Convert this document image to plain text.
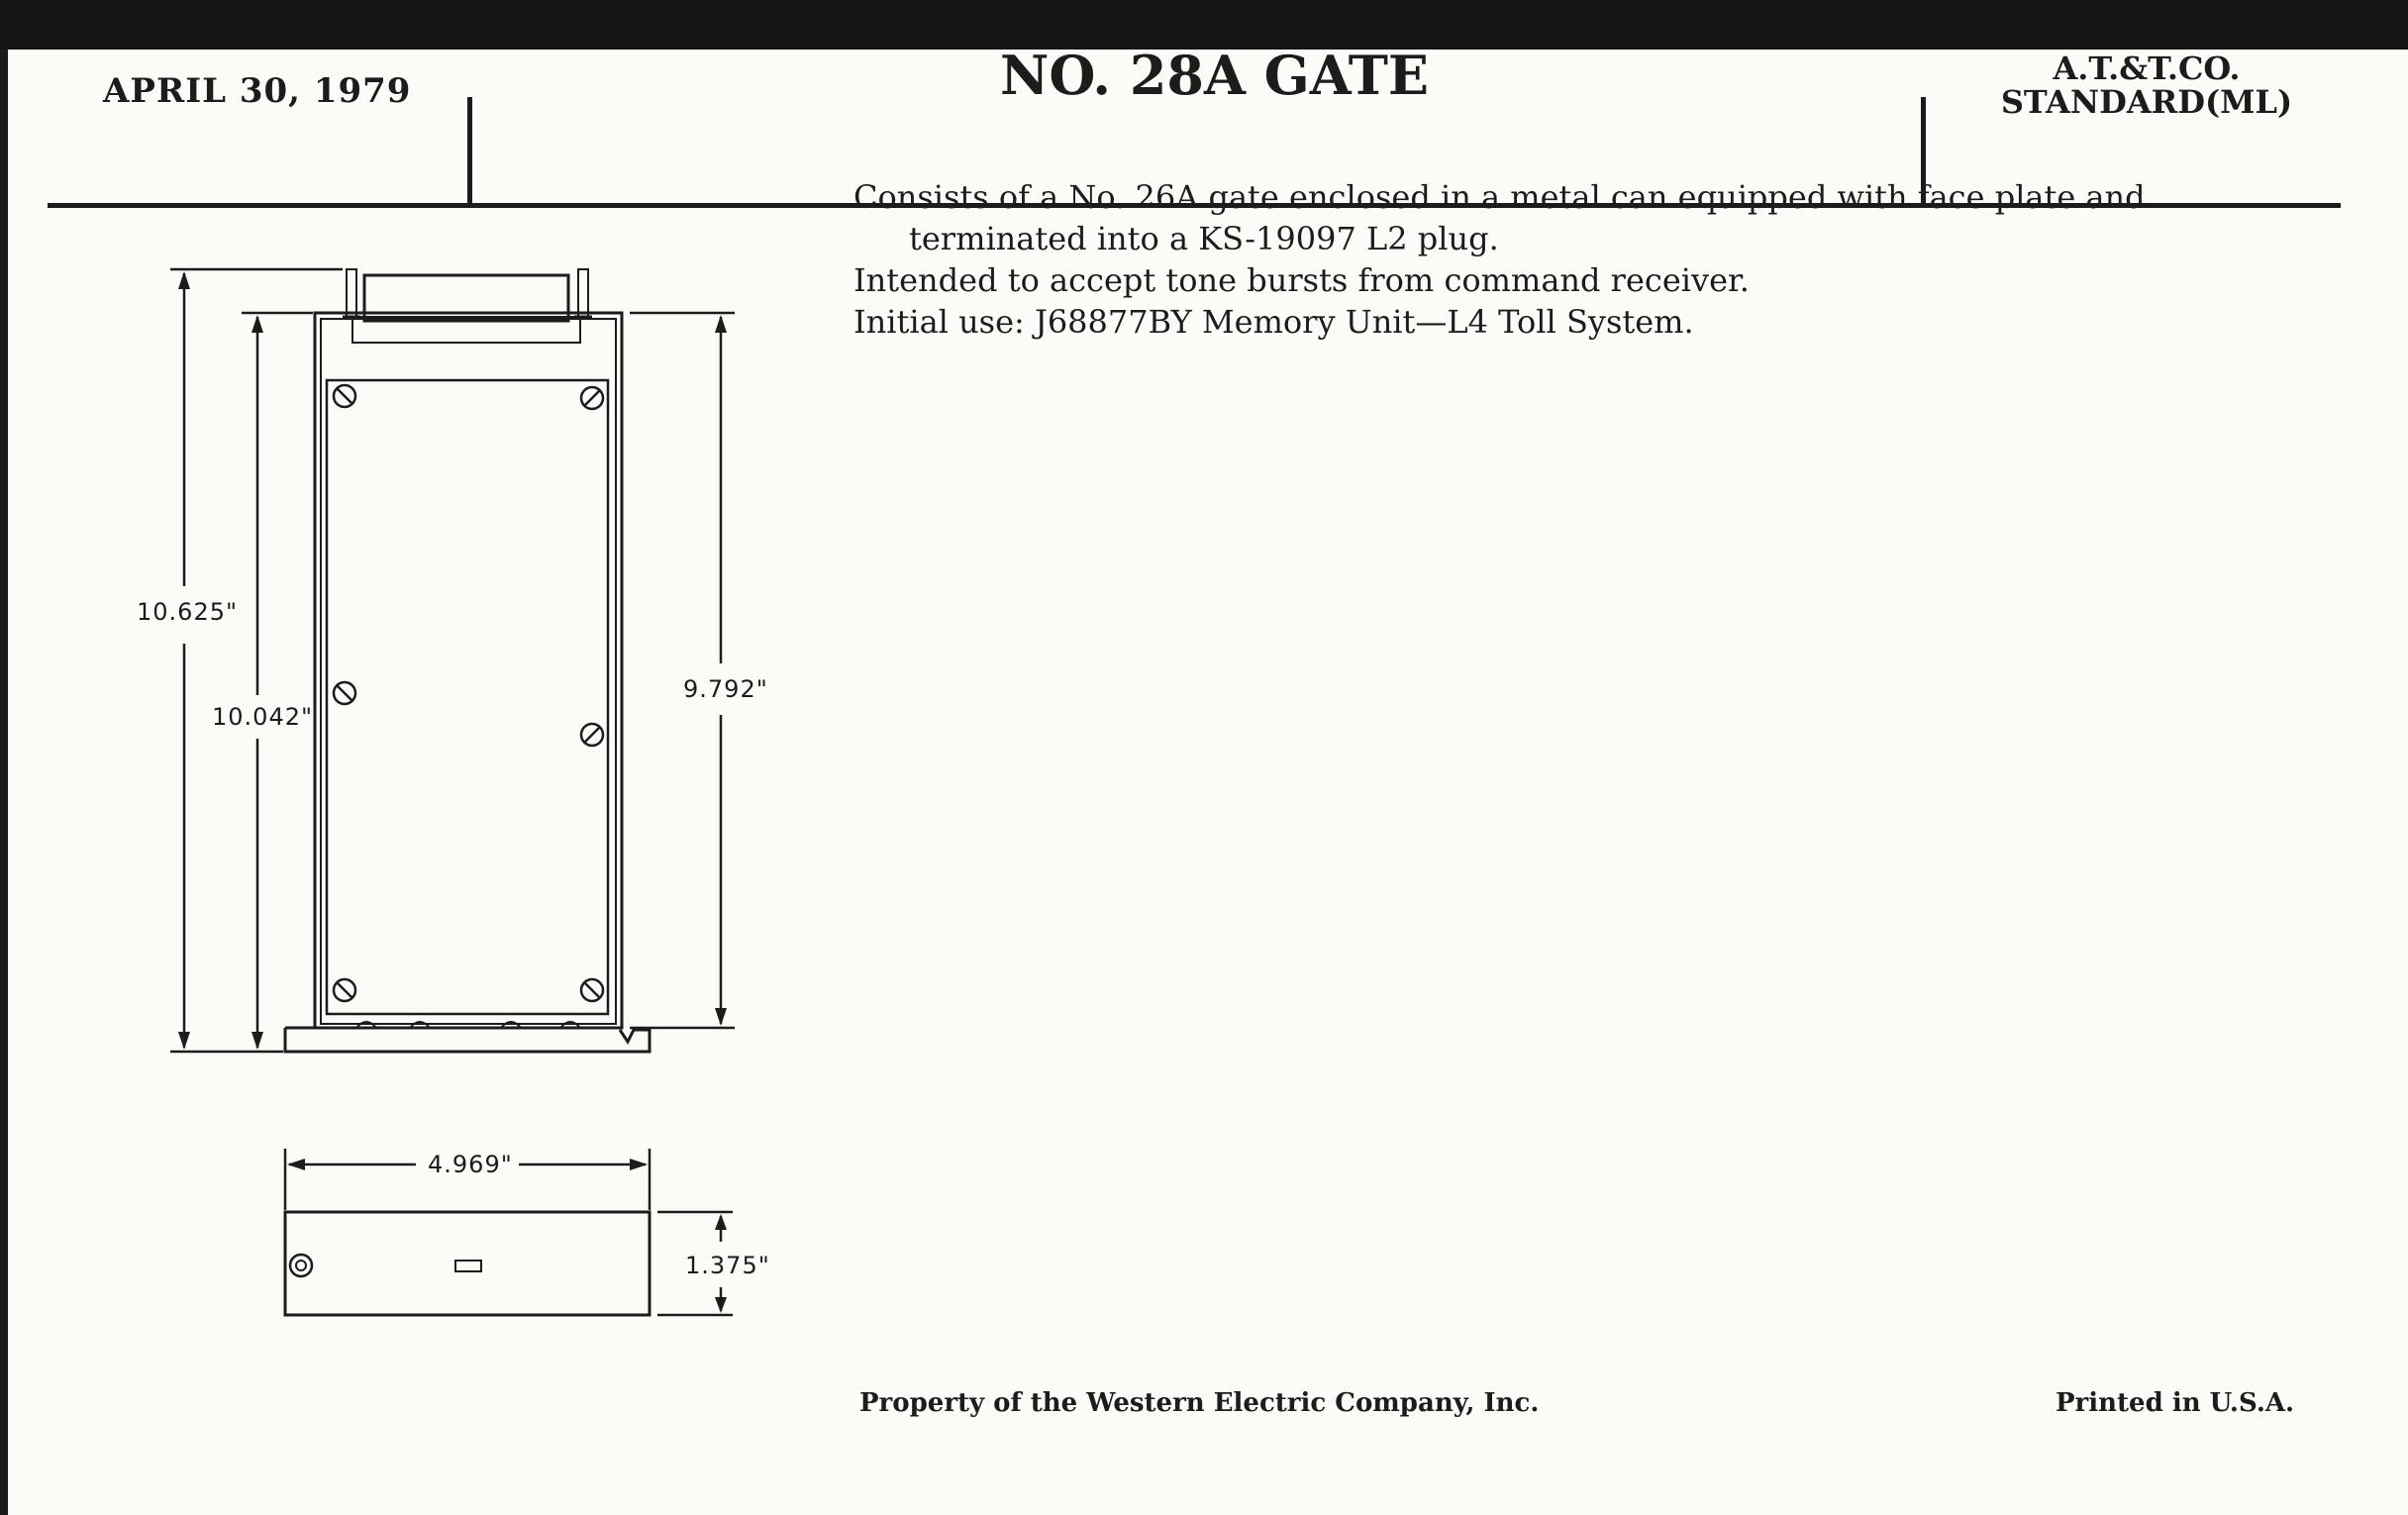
APRIL 30, 1979	NO. 28A GATE	A.T.&T.CO.
STANDARD(ML)

Consists of a No. 26A gate enclosed in a metal can equipped with face plate and terminated into a KS-19097 L2 plug.

Intended to accept tone bursts from command receiver.

Initial use: J68877BY Memory Unit—L4 Toll System.

10.625"
10.042"
9.792"
4.969"
1.375"
Property of the Western Electric Company, Inc.	Printed in U.S.A.
